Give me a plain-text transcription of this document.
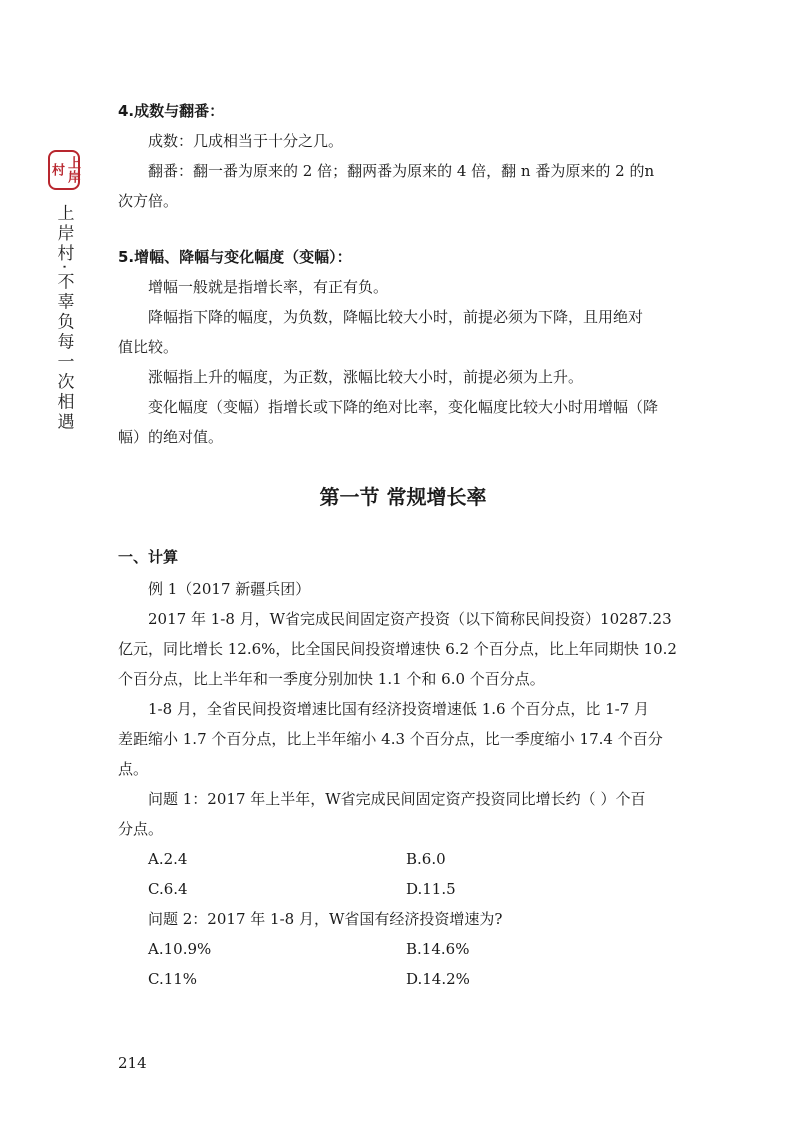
上岸村
上岸村·不辜负每一次相遇

4.成数与翻番：

成数：几成相当于十分之几。

翻番：翻一番为原来的 2 倍；翻两番为原来的 4 倍，翻 n 番为原来的 2 的n

次方倍。

5.增幅、降幅与变化幅度（变幅）：

增幅一般就是指增长率，有正有负。

降幅指下降的幅度，为负数，降幅比较大小时，前提必须为下降，且用绝对

值比较。

涨幅指上升的幅度，为正数，涨幅比较大小时，前提必须为上升。

变化幅度（变幅）指增长或下降的绝对比率，变化幅度比较大小时用增幅（降

幅）的绝对值。

第一节 常规增长率

一、计算

例 1（2017 新疆兵团）

2017 年 1-8 月，W省完成民间固定资产投资（以下简称民间投资）10287.23

亿元，同比增长 12.6%，比全国民间投资增速快 6.2 个百分点，比上年同期快 10.2

个百分点，比上半年和一季度分别加快 1.1 个和 6.0 个百分点。

1-8 月，全省民间投资增速比国有经济投资增速低 1.6 个百分点，比 1-7 月

差距缩小 1.7 个百分点，比上半年缩小 4.3 个百分点，比一季度缩小 17.4 个百分

点。

问题 1：2017 年上半年，W省完成民间固定资产投资同比增长约（ ）个百

分点。

A.2.4	B.6.0

C.6.4	D.11.5

问题 2：2017 年 1-8 月，W省国有经济投资增速为?

A.10.9%	B.14.6%

C.11%	D.14.2%

214
